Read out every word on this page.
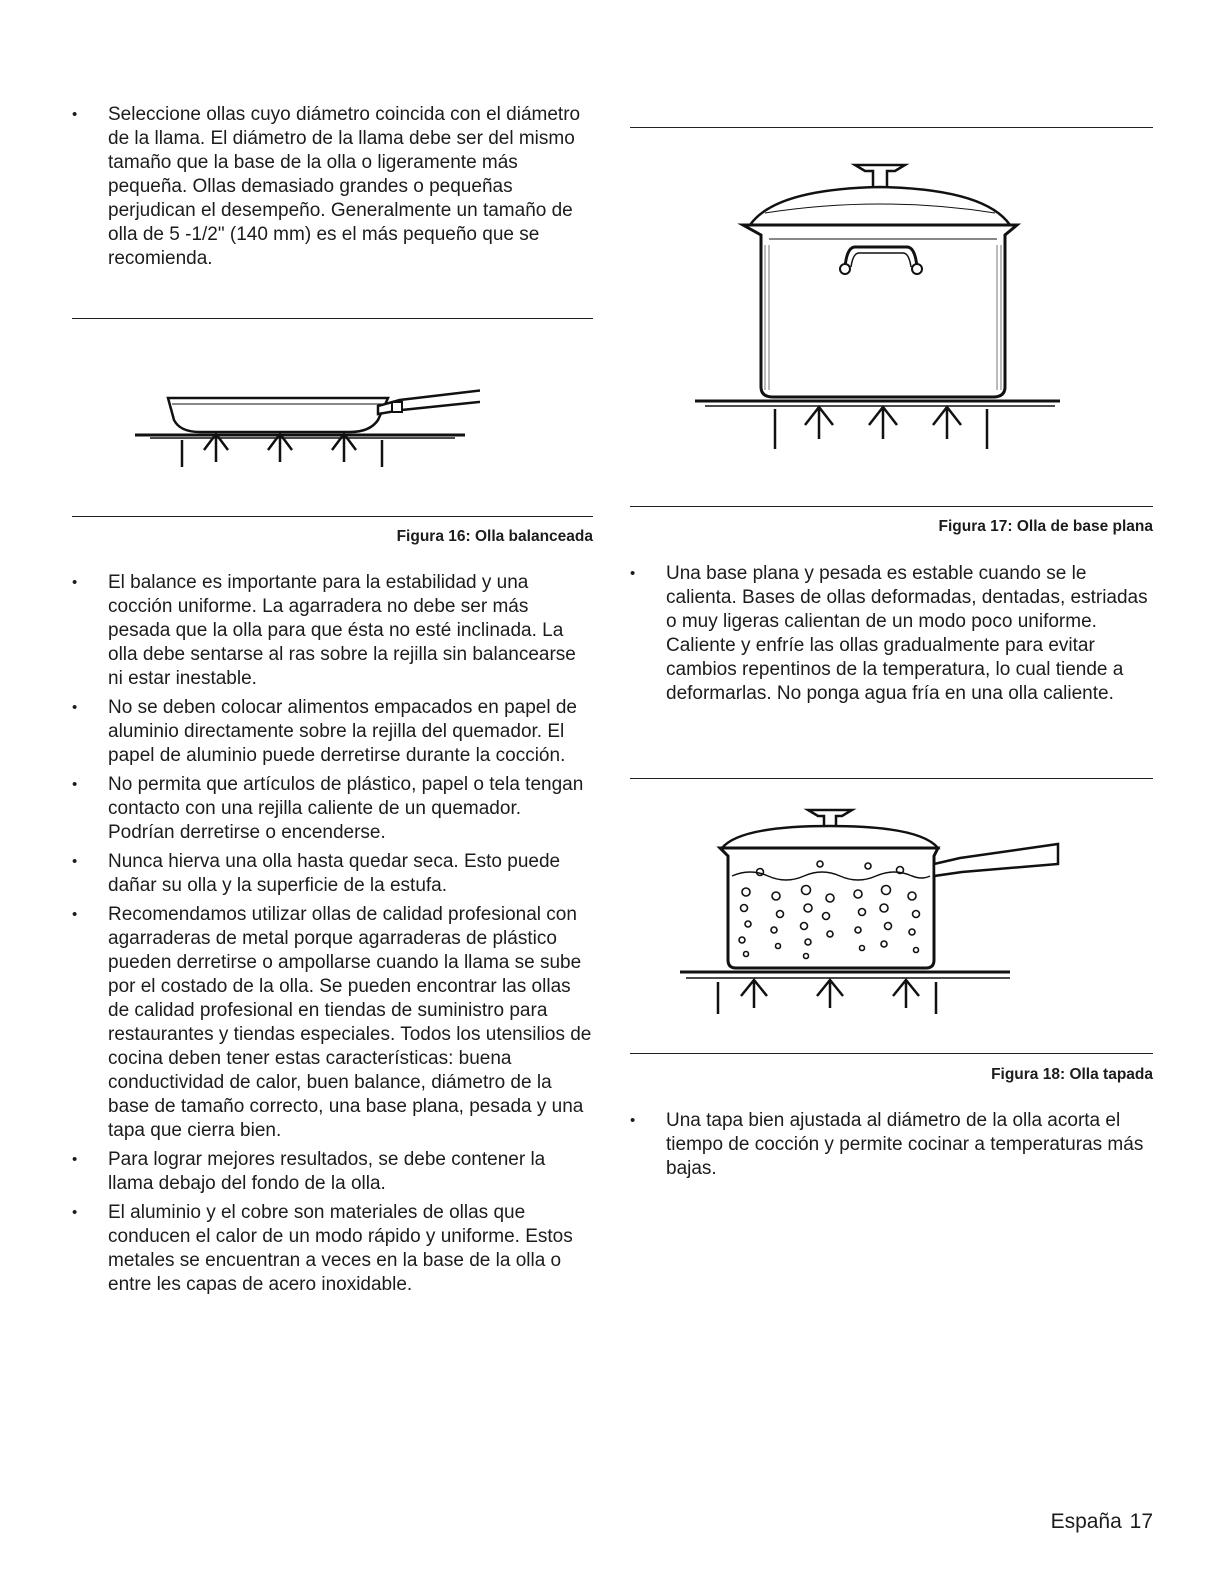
• Seleccione ollas cuyo diámetro coincida con el diámetro de la llama. El diámetro de la llama debe ser del mismo tamaño que la base de la olla o ligeramente más pequeña. Ollas demasiado grandes o pequeñas perjudican el desempeño. Generalmente un tamaño de olla de 5 -1/2" (140 mm) es el más pequeño que se recomienda.
Figura 16: Olla balanceada
• El balance es importante para la estabilidad y una cocción uniforme. La agarradera no debe ser más pesada que la olla para que ésta no esté inclinada. La olla debe sentarse al ras sobre la rejilla sin balancearse ni estar inestable.
• No se deben colocar alimentos empacados en papel de aluminio directamente sobre la rejilla del quemador. El papel de aluminio puede derretirse durante la cocción.
• No permita que artículos de plástico, papel o tela tengan contacto con una rejilla caliente de un quemador. Podrían derretirse o encenderse.
• Nunca hierva una olla hasta quedar seca. Esto puede dañar su olla y la superficie de la estufa.
• Recomendamos utilizar ollas de calidad profesional con agarraderas de metal porque agarraderas de plástico pueden derretirse o ampollarse cuando la llama se sube por el costado de la olla. Se pueden encontrar las ollas de calidad profesional en tiendas de suministro para restaurantes y tiendas especiales. Todos los utensilios de cocina deben tener estas características: buena conductividad de calor, buen balance, diámetro de la base de tamaño correcto, una base plana, pesada y una tapa que cierra bien.
• Para lograr mejores resultados, se debe contener la llama debajo del fondo de la olla.
• El aluminio y el cobre son materiales de ollas que conducen el calor de un modo rápido y uniforme. Estos metales se encuentran a veces en la base de la olla o entre les capas de acero inoxidable.
Figura 17: Olla de base plana
• Una base plana y pesada es estable cuando se le calienta. Bases de ollas deformadas, dentadas, estriadas o muy ligeras calientan de un modo poco uniforme. Caliente y enfríe las ollas gradualmente para evitar cambios repentinos de la temperatura, lo cual tiende a deformarlas. No ponga agua fría en una olla caliente.
Figura 18: Olla tapada
• Una tapa bien ajustada al diámetro de la olla acorta el tiempo de cocción y permite cocinar a temperaturas más bajas.
España 17
